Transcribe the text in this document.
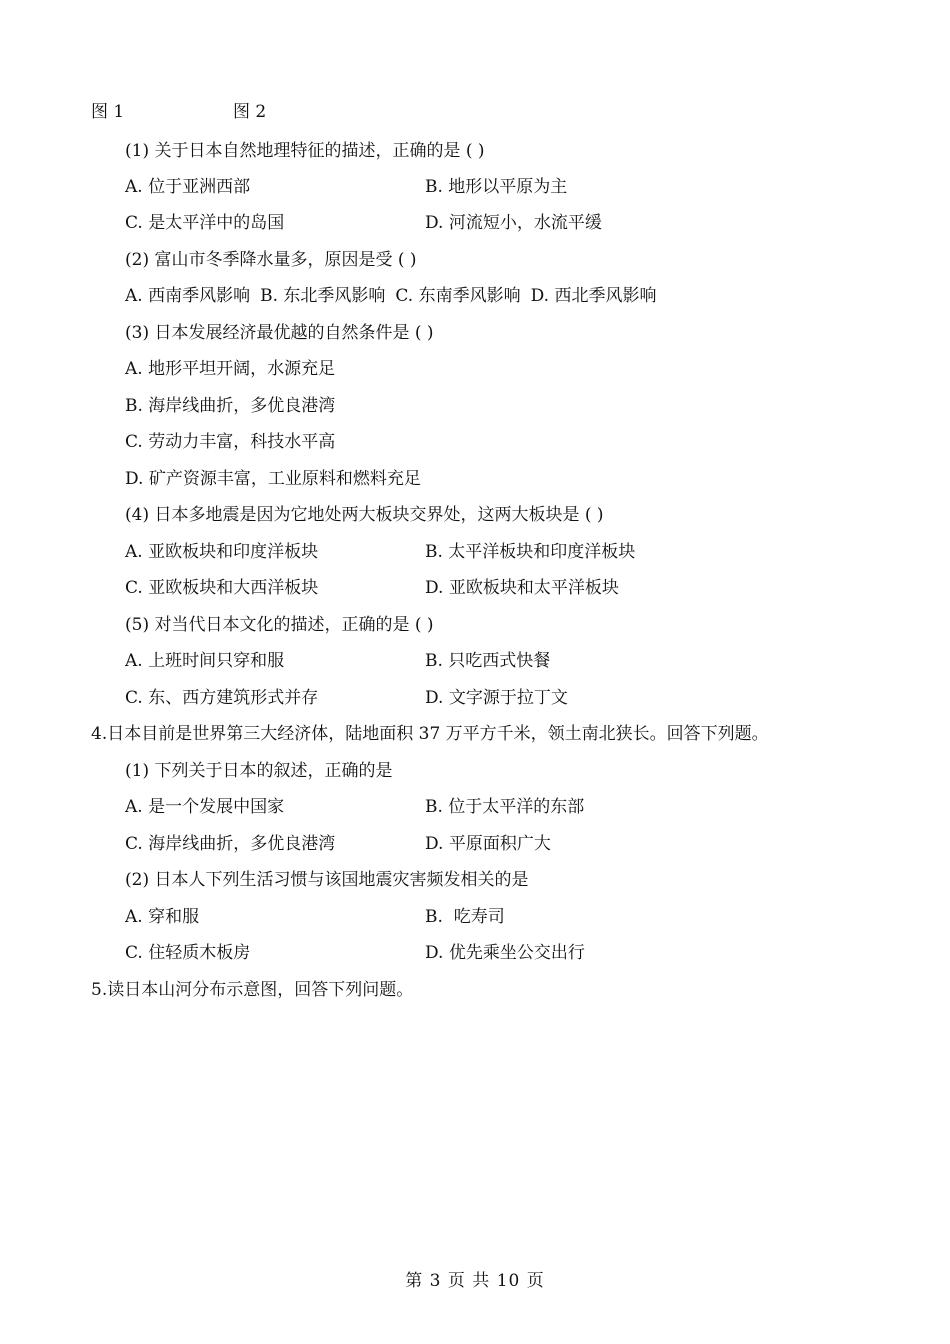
图 1	图 2
(1) 关于日本自然地理特征的描述，正确的是 ( )
A. 位于亚洲西部	B. 地形以平原为主
C. 是太平洋中的岛国	D. 河流短小，水流平缓
(2) 富山市冬季降水量多，原因是受 ( )
A. 西南季风影响 B. 东北季风影响 C. 东南季风影响 D. 西北季风影响
(3) 日本发展经济最优越的自然条件是 ( )
A. 地形平坦开阔，水源充足
B. 海岸线曲折，多优良港湾
C. 劳动力丰富，科技水平高
D. 矿产资源丰富，工业原料和燃料充足
(4) 日本多地震是因为它地处两大板块交界处，这两大板块是 ( )
A. 亚欧板块和印度洋板块	B. 太平洋板块和印度洋板块
C. 亚欧板块和大西洋板块	D. 亚欧板块和太平洋板块
(5) 对当代日本文化的描述，正确的是 ( )
A. 上班时间只穿和服	B. 只吃西式快餐
C. 东、西方建筑形式并存	D. 文字源于拉丁文
4.日本目前是世界第三大经济体，陆地面积 37 万平方千米，领土南北狭长。回答下列题。
(1) 下列关于日本的叙述，正确的是
A. 是一个发展中国家	B. 位于太平洋的东部
C. 海岸线曲折，多优良港湾	D. 平原面积广大
(2) 日本人下列生活习惯与该国地震灾害频发相关的是
A. 穿和服	B.  吃寿司
C. 住轻质木板房	D. 优先乘坐公交出行
5.读日本山河分布示意图，回答下列问题。
第 3 页 共 10 页
